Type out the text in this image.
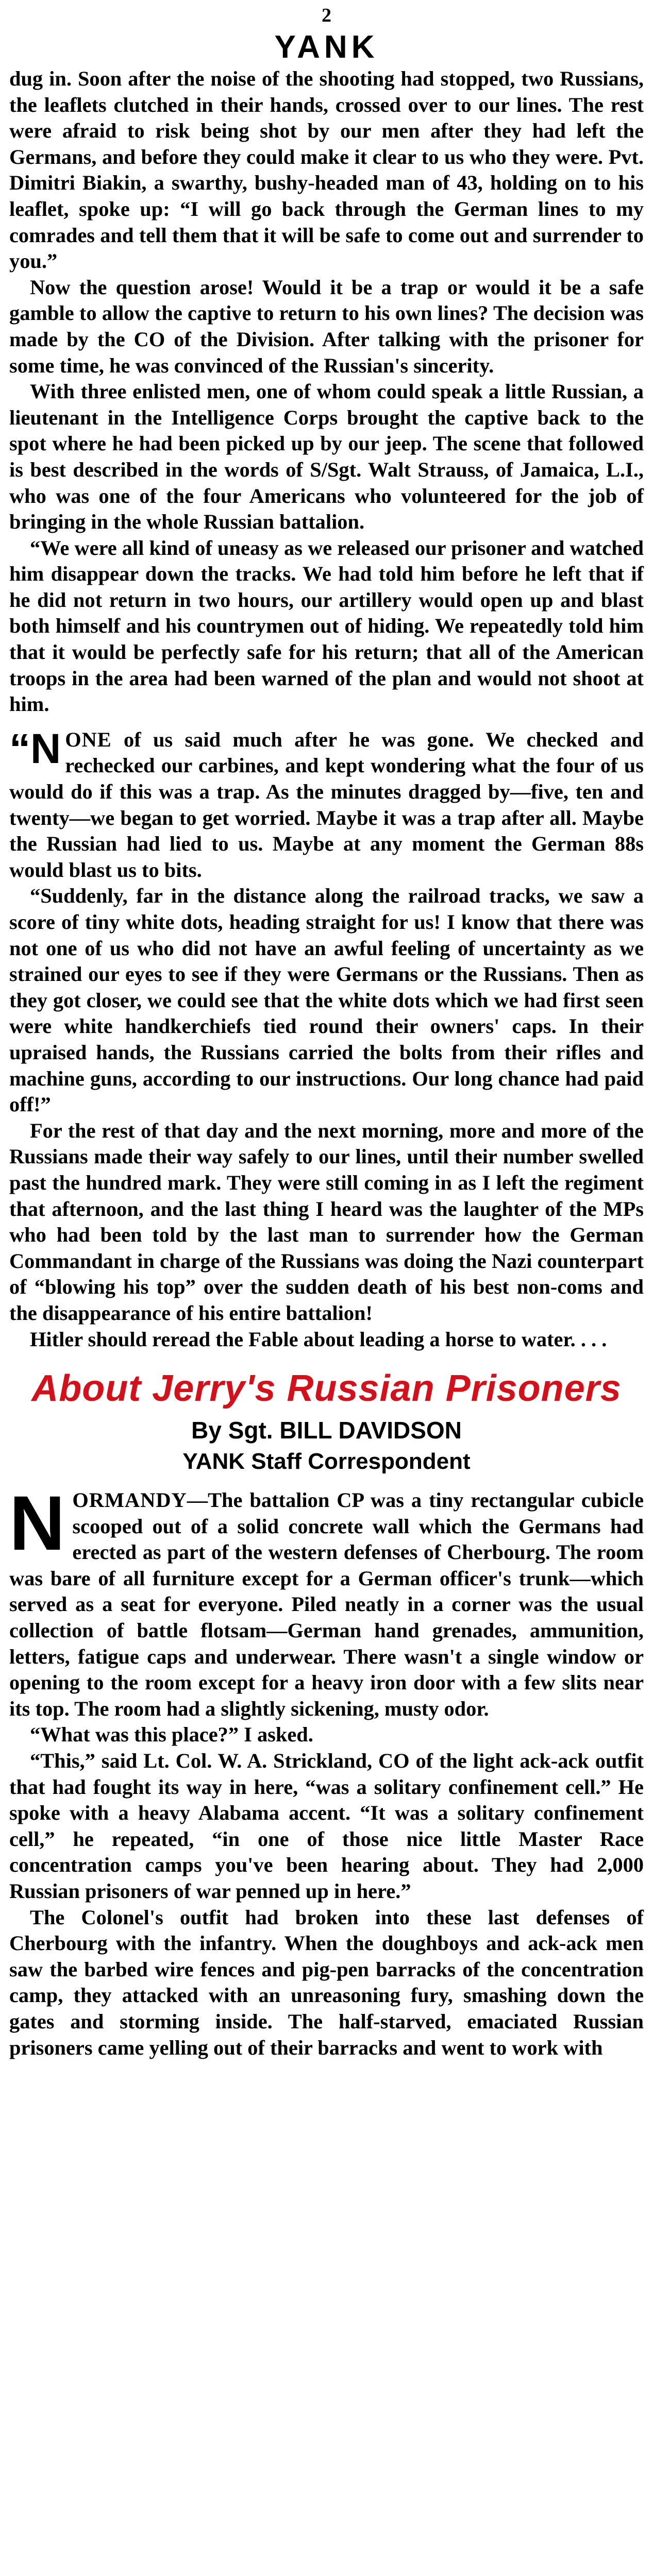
2
YANK

dug in. Soon after the noise of the shooting had stopped, two Russians, the leaflets clutched in their hands, crossed over to our lines. The rest were afraid to risk being shot by our men after they had left the Germans, and before they could make it clear to us who they were. Pvt. Dimitri Biakin, a swarthy, bushy-headed man of 43, holding on to his leaflet, spoke up: “I will go back through the German lines to my comrades and tell them that it will be safe to come out and surrender to you.”

Now the question arose! Would it be a trap or would it be a safe gamble to allow the captive to return to his own lines? The decision was made by the CO of the Division. After talking with the prisoner for some time, he was convinced of the Russian's sincerity.

With three enlisted men, one of whom could speak a little Russian, a lieutenant in the Intelligence Corps brought the captive back to the spot where he had been picked up by our jeep. The scene that followed is best described in the words of S/Sgt. Walt Strauss, of Jamaica, L.I., who was one of the four Americans who volunteered for the job of bringing in the whole Russian battalion.

“We were all kind of uneasy as we released our prisoner and watched him disappear down the tracks. We had told him before he left that if he did not return in two hours, our artillery would open up and blast both himself and his countrymen out of hiding. We repeatedly told him that it would be perfectly safe for his return; that all of the American troops in the area had been warned of the plan and would not shoot at him.

“N ONE of us said much after he was gone. We checked and rechecked our carbines, and kept wondering what the four of us would do if this was a trap. As the minutes dragged by—five, ten and twenty—we began to get worried. Maybe it was a trap after all. Maybe the Russian had lied to us. Maybe at any moment the German 88s would blast us to bits.

“Suddenly, far in the distance along the railroad tracks, we saw a score of tiny white dots, heading straight for us! I know that there was not one of us who did not have an awful feeling of uncertainty as we strained our eyes to see if they were Germans or the Russians. Then as they got closer, we could see that the white dots which we had first seen were white handkerchiefs tied round their owners' caps. In their upraised hands, the Russians carried the bolts from their rifles and machine guns, according to our instructions. Our long chance had paid off!”

For the rest of that day and the next morning, more and more of the Russians made their way safely to our lines, until their number swelled past the hundred mark. They were still coming in as I left the regiment that afternoon, and the last thing I heard was the laughter of the MPs who had been told by the last man to surrender how the German Commandant in charge of the Russians was doing the Nazi counterpart of “blowing his top” over the sudden death of his best non-coms and the disappearance of his entire battalion!

Hitler should reread the Fable about leading a horse to water. . . .

About Jerry's Russian Prisoners
By Sgt. BILL DAVIDSON
YANK Staff Correspondent

NORMANDY—The battalion CP was a tiny rectangular cubicle scooped out of a solid concrete wall which the Germans had erected as part of the western defenses of Cherbourg. The room was bare of all furniture except for a German officer's trunk—which served as a seat for everyone. Piled neatly in a corner was the usual collection of battle flotsam—German hand grenades, ammunition, letters, fatigue caps and underwear. There wasn't a single window or opening to the room except for a heavy iron door with a few slits near its top. The room had a slightly sickening, musty odor.

“What was this place?” I asked.

“This,” said Lt. Col. W. A. Strickland, CO of the light ack-ack outfit that had fought its way in here, “was a solitary confinement cell.” He spoke with a heavy Alabama accent. “It was a solitary confinement cell,” he repeated, “in one of those nice little Master Race concentration camps you've been hearing about. They had 2,000 Russian prisoners of war penned up in here.”

The Colonel's outfit had broken into these last defenses of Cherbourg with the infantry. When the doughboys and ack-ack men saw the barbed wire fences and pig-pen barracks of the concentration camp, they attacked with an unreasoning fury, smashing down the gates and storming inside. The half-starved, emaciated Russian prisoners came yelling out of their barracks and went to work with
